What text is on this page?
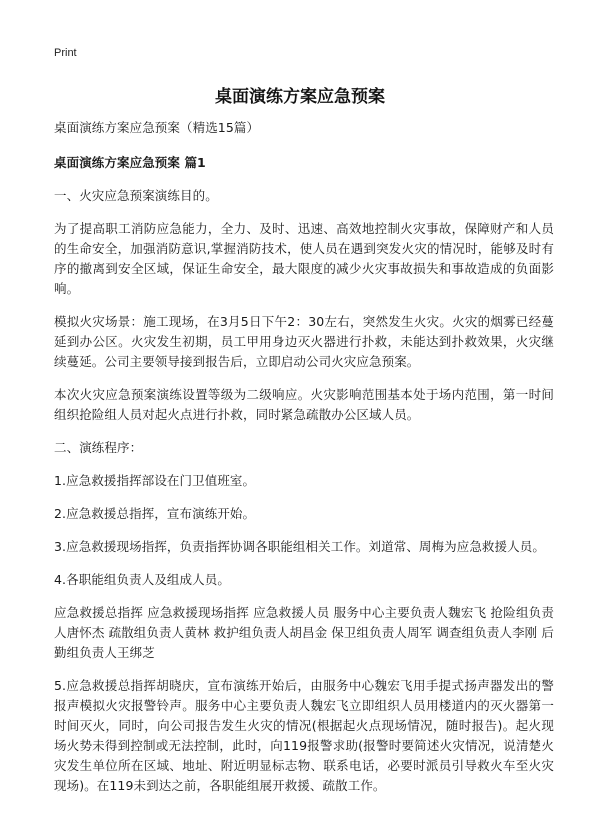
Print
桌面演练方案应急预案

桌面演练方案应急预案（精选15篇）

桌面演练方案应急预案 篇1

一、火灾应急预案演练目的。

为了提高职工消防应急能力，全力、及时、迅速、高效地控制火灾事故，保障财产和人员的生命安全，加强消防意识,掌握消防技术，使人员在遇到突发火灾的情况时，能够及时有序的撤离到安全区域，保证生命安全，最大限度的减少火灾事故损失和事故造成的负面影响。

模拟火灾场景：施工现场，在3月5日下午2：30左右，突然发生火灾。火灾的烟雾已经蔓延到办公区。火灾发生初期，员工甲用身边灭火器进行扑救，未能达到扑救效果，火灾继续蔓延。公司主要领导接到报告后，立即启动公司火灾应急预案。

本次火灾应急预案演练设置等级为二级响应。火灾影响范围基本处于场内范围，第一时间组织抢险组人员对起火点进行扑救，同时紧急疏散办公区域人员。

二、演练程序：

1.应急救援指挥部设在门卫值班室。

2.应急救援总指挥，宣布演练开始。

3.应急救援现场指挥，负责指挥协调各职能组相关工作。刘道常、周梅为应急救援人员。

4.各职能组负责人及组成人员。

应急救援总指挥 应急救援现场指挥 应急救援人员 服务中心主要负责人魏宏飞 抢险组负责人唐怀杰 疏散组负责人黄林 救护组负责人胡昌金 保卫组负责人周军 调查组负责人李刚 后勤组负责人王绑芝

5.应急救援总指挥胡晓庆，宣布演练开始后，由服务中心魏宏飞用手提式扬声器发出的警报声模拟火灾报警铃声。服务中心主要负责人魏宏飞立即组织人员用楼道内的灭火器第一时间灭火，同时，向公司报告发生火灾的情况(根据起火点现场情况，随时报告)。起火现场火势未得到控制或无法控制，此时，向119报警求助(报警时要简述火灾情况，说清楚火灾发生单位所在区域、地址、附近明显标志物、联系电话，必要时派员引导救火车至火灾现场)。在119未到达之前，各职能组展开救援、疏散工作。
